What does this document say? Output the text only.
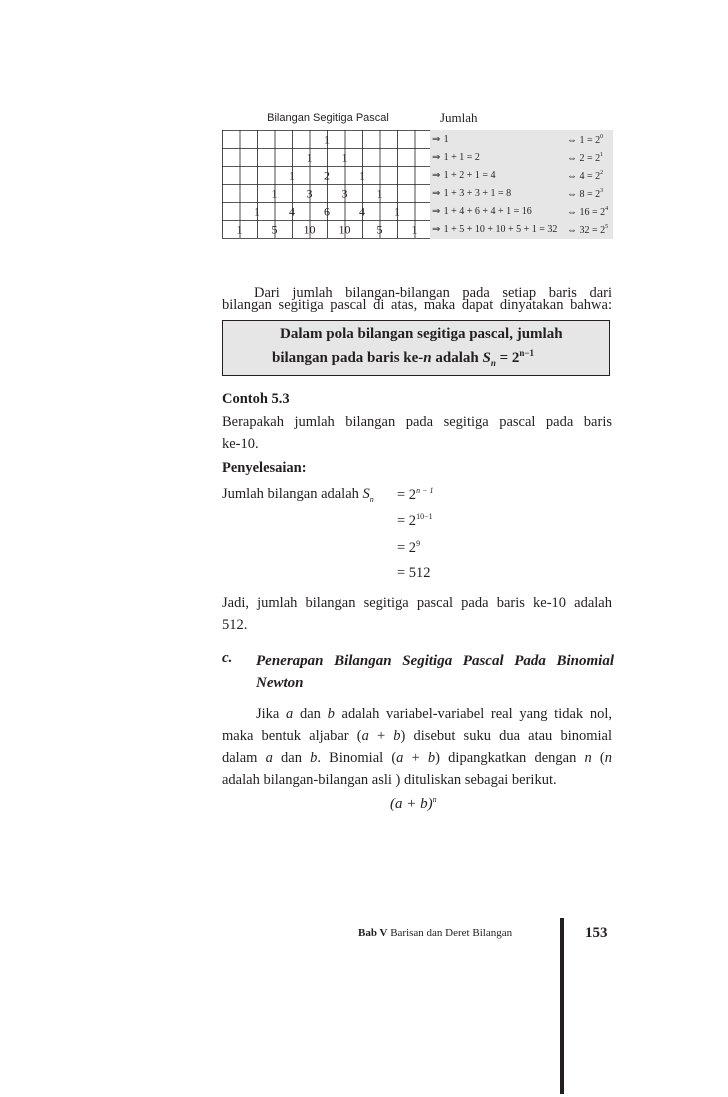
Bilangan Segitiga Pascal
1
1 1
1 2 1
1 3 3 1
1 4 6 4 1
1 5 10 10 5 1
Jumlah
⇒ 1	⇔ $1 = 2^0$
⇒ 1 + 1 = 2	⇔ $2 = 2^1$
⇒ 1 + 2 + 1 = 4	⇔ $4 = 2^2$
⇒ 1 + 3 + 3 + 1 = 8	⇔ $8 = 2^3$
⇒ 1 + 4 + 6 + 4 + 1 = 16	⇔ $16 = 2^4$
⇒ 1 + 5 + 10 + 10 + 5 + 1 = 32 ⇔ $32 = 2^5$
Dari jumlah bilangan-bilangan pada setiap baris dari
bilangan segitiga pascal di atas, maka dapat dinyatakan bahwa:
Dalam pola bilangan segitiga pascal, jumlah
bilangan pada baris ke-n adalah $S_n = 2^{n-1}$
Contoh 5.3
Berapakah jumlah bilangan pada segitiga pascal pada baris
ke-10.
Penyelesaian:
Jumlah bilangan adalah $S_n = 2^{n - 1}$
= $2^{10-1}$
= $2^9$
= 512
Jadi, jumlah bilangan segitiga pascal pada baris ke-10 adalah
512.
c. Penerapan Bilangan Segitiga Pascal Pada Binomial Newton
Jika a dan b adalah variabel-variabel real yang tidak nol,
maka bentuk aljabar (a + b) disebut suku dua atau binomial
dalam a dan b. Binomial (a + b) dipangkatkan dengan n (n
adalah bilangan-bilangan asli ) dituliskan sebagai berikut.
$(a + b)^n$
Bab V Barisan dan Deret Bilangan	153
